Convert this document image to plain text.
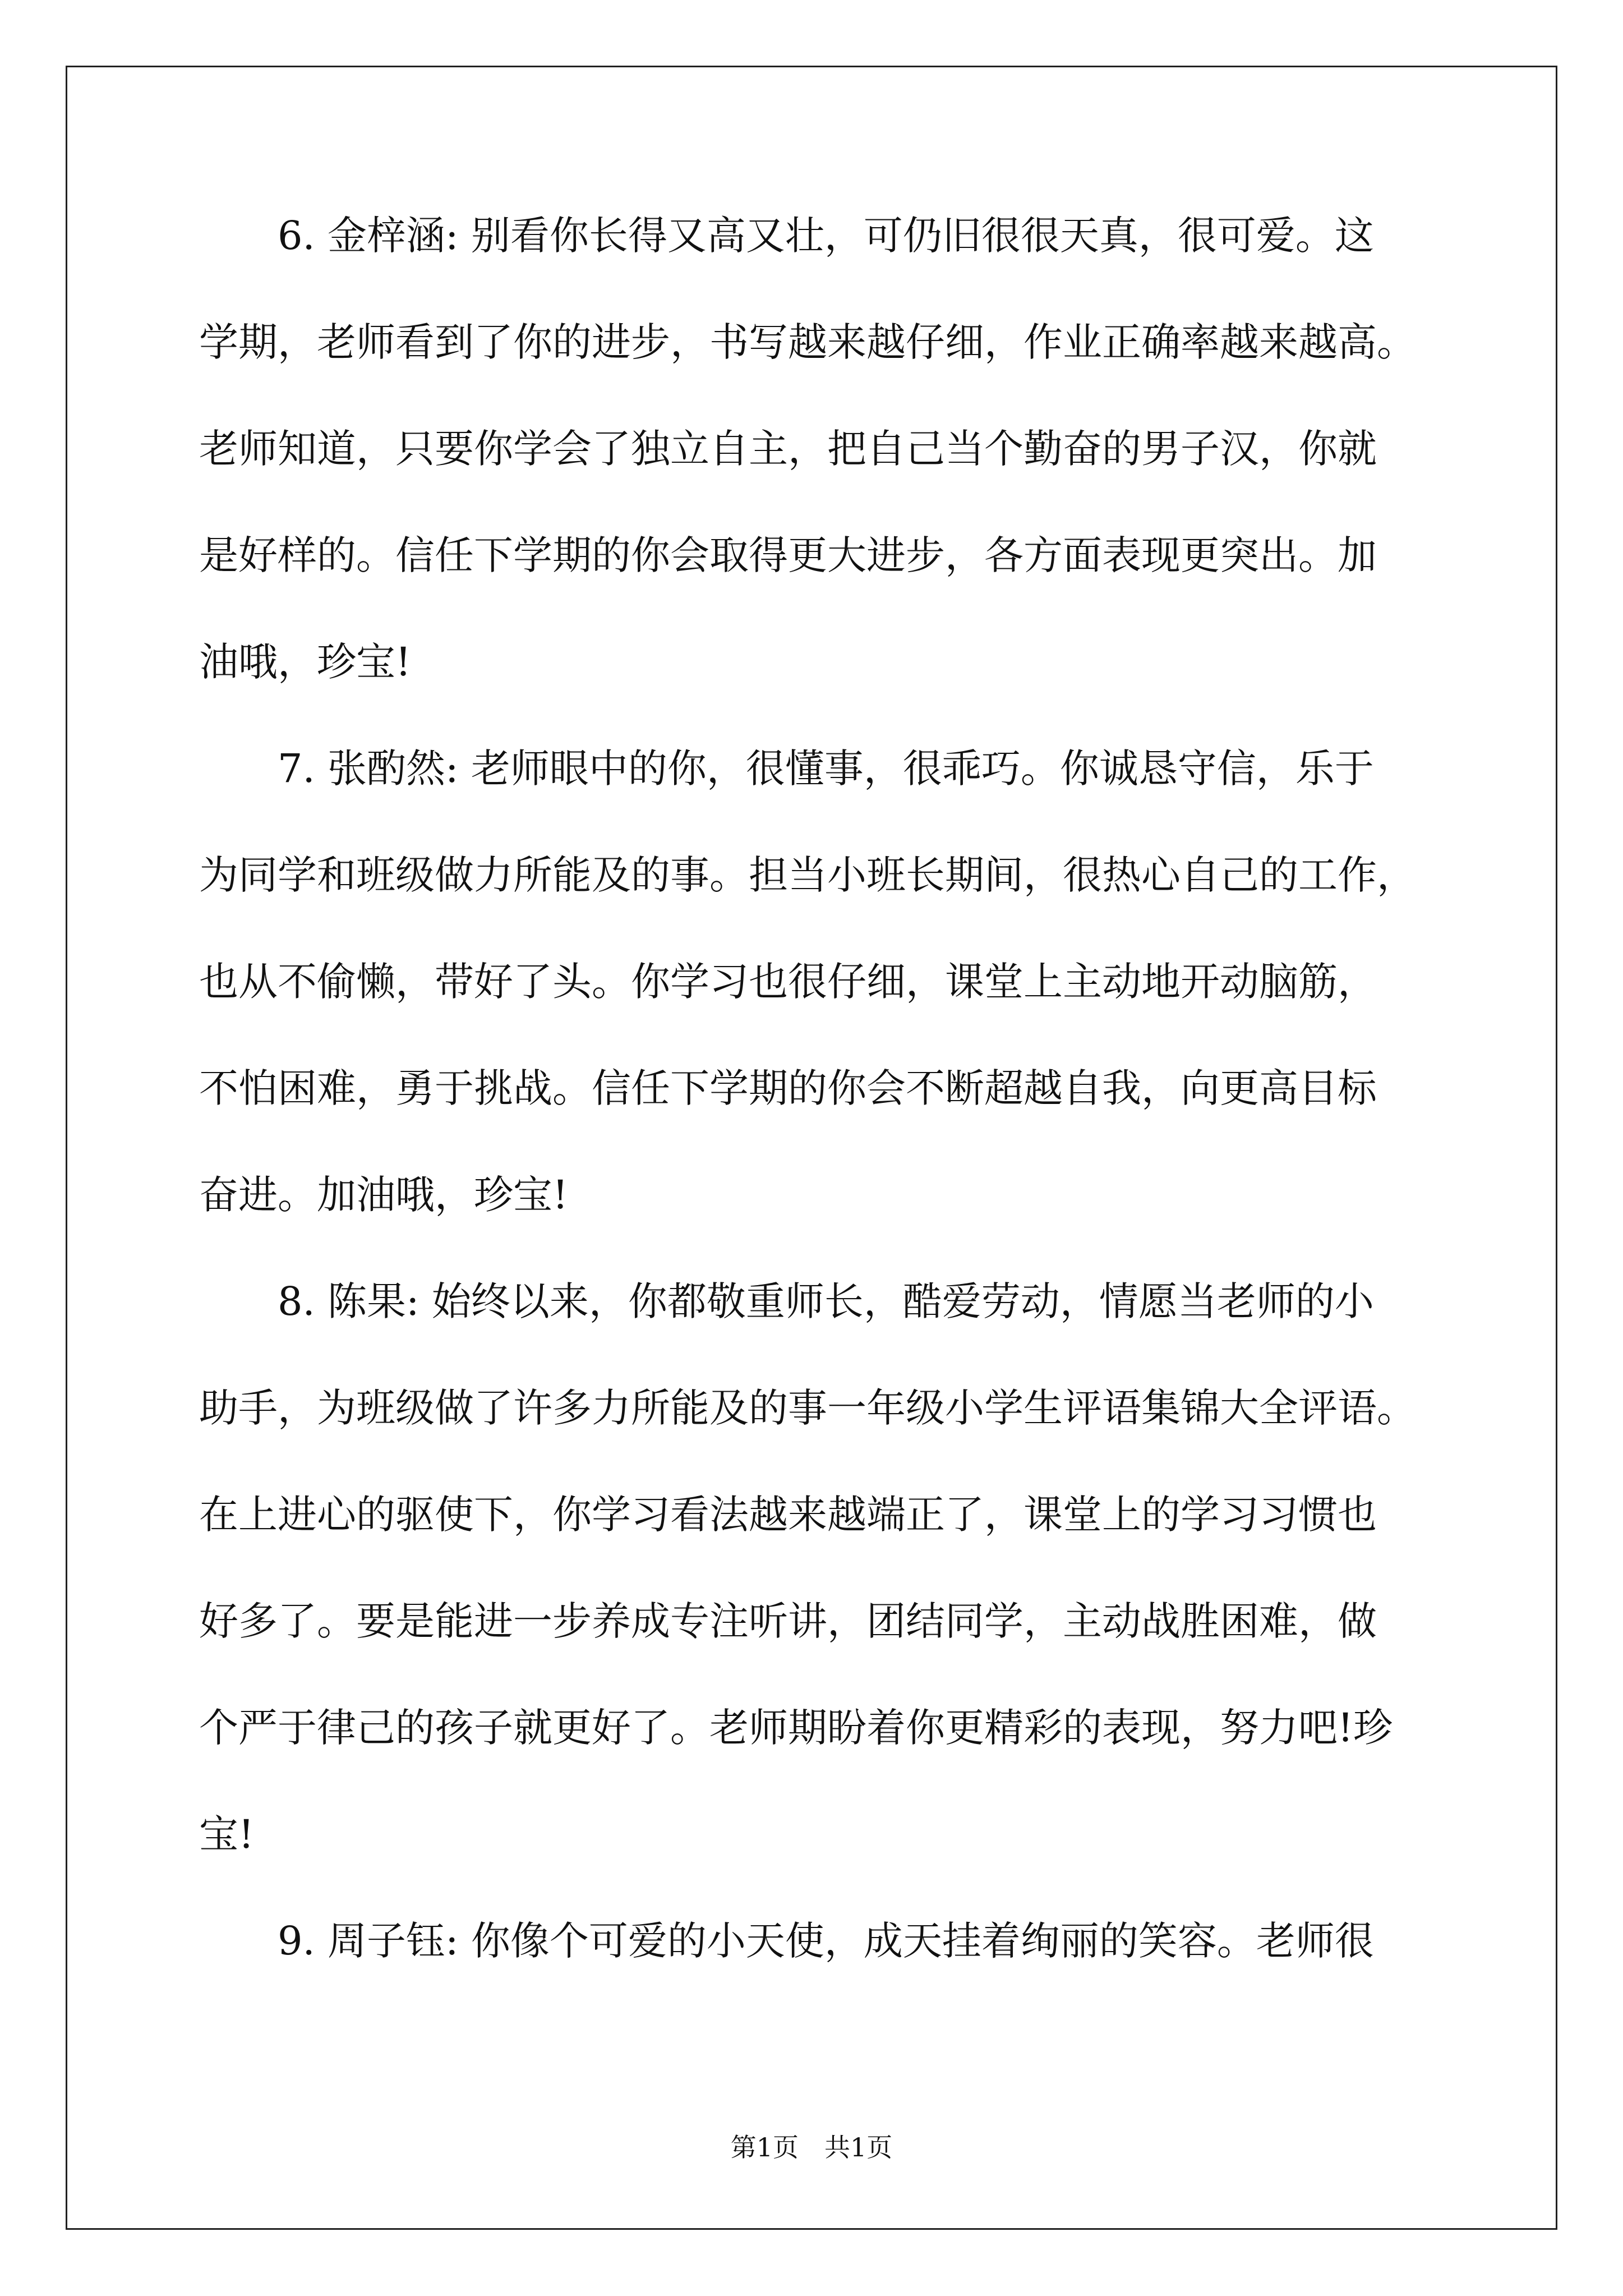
6. 金梓涵: 别看你长得又高又壮，可仍旧很很天真，很可爱。这
学期，老师看到了你的进步，书写越来越仔细，作业正确率越来越高。
老师知道，只要你学会了独立自主，把自己当个勤奋的男子汉，你就
是好样的。信任下学期的你会取得更大进步，各方面表现更突出。加
油哦，珍宝!
7. 张酌然: 老师眼中的你，很懂事，很乖巧。你诚恳守信，乐于
为同学和班级做力所能及的事。担当小班长期间，很热心自己的工作，
也从不偷懒，带好了头。你学习也很仔细，课堂上主动地开动脑筋，
不怕困难，勇于挑战。信任下学期的你会不断超越自我，向更高目标
奋进。加油哦，珍宝!
8. 陈果: 始终以来，你都敬重师长，酷爱劳动，情愿当老师的小
助手，为班级做了许多力所能及的事一年级小学生评语集锦大全评语。
在上进心的驱使下，你学习看法越来越端正了，课堂上的学习习惯也
好多了。要是能进一步养成专注听讲，团结同学，主动战胜困难，做
个严于律己的孩子就更好了。老师期盼着你更精彩的表现，努力吧!珍
宝!
9. 周子钰: 你像个可爱的小天使，成天挂着绚丽的笑容。老师很
第1页　共1页
